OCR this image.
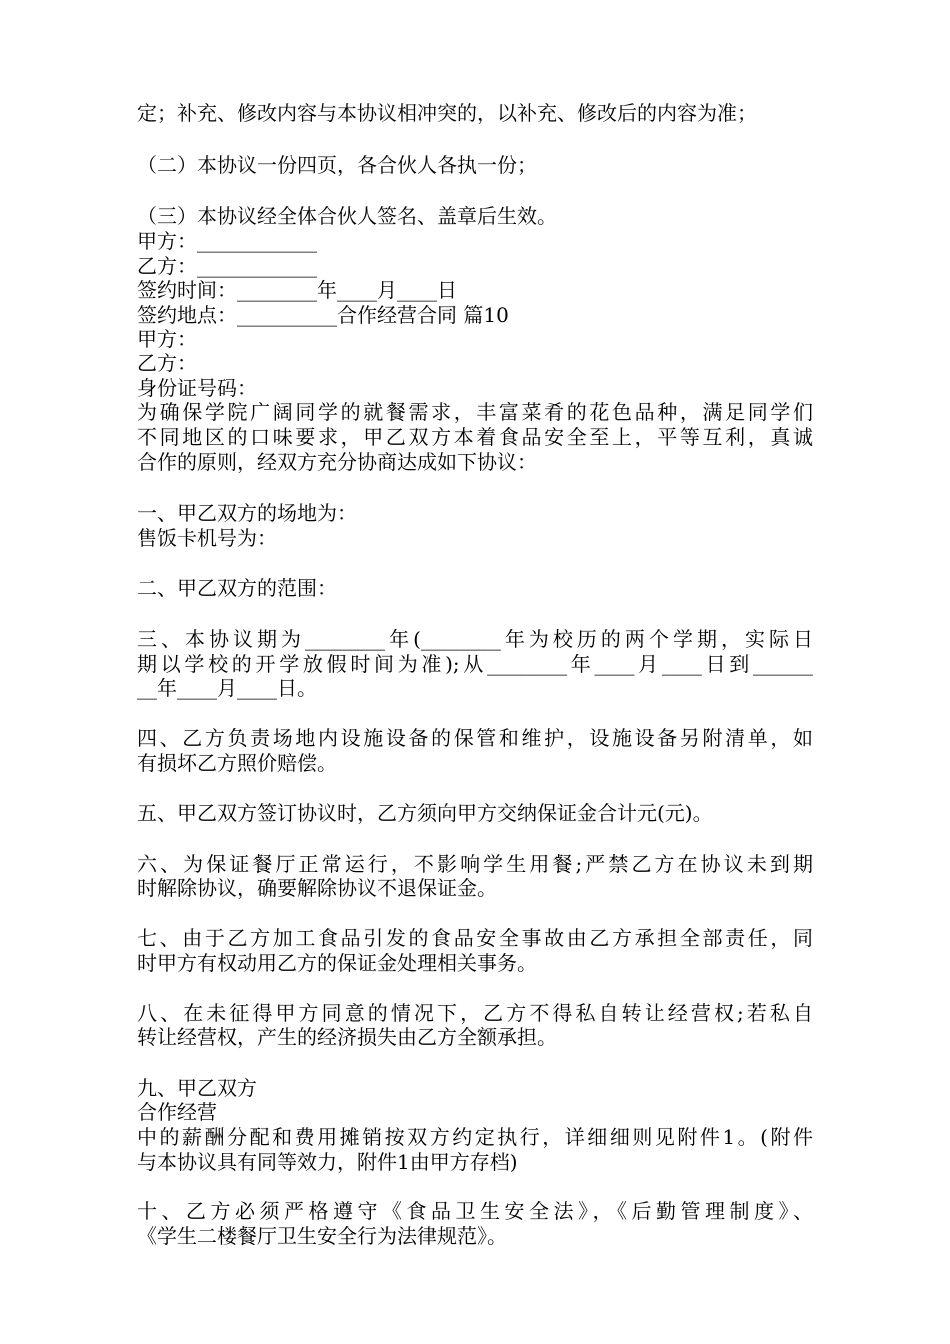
定；补充、修改内容与本协议相冲突的，以补充、修改后的内容为准；
（二）本协议一份四页，各合伙人各执一份；
（三）本协议经全体合伙人签名、盖章后生效。
甲方：____________
乙方：____________
签约时间：________年____月____日
签约地点：__________合作经营合同 篇10
甲方：
乙方：
身份证号码：
为确保学院广阔同学的就餐需求，丰富菜肴的花色品种，满足同学们
不同地区的口味要求，甲乙双方本着食品安全至上，平等互利，真诚
合作的原则，经双方充分协商达成如下协议：
一、甲乙双方的场地为：
售饭卡机号为：
二、甲乙双方的范围：
三、本协议期为________年(________年为校历的两个学期，实际日
期以学校的开学放假时间为准);从________年____月____日到______
__年____月____日。
四、乙方负责场地内设施设备的保管和维护，设施设备另附清单，如
有损坏乙方照价赔偿。
五、甲乙双方签订协议时，乙方须向甲方交纳保证金合计元(元)。
六、为保证餐厅正常运行，不影响学生用餐;严禁乙方在协议未到期
时解除协议，确要解除协议不退保证金。
七、由于乙方加工食品引发的食品安全事故由乙方承担全部责任，同
时甲方有权动用乙方的保证金处理相关事务。
八、在未征得甲方同意的情况下，乙方不得私自转让经营权;若私自
转让经营权，产生的经济损失由乙方全额承担。
九、甲乙双方
合作经营
中的薪酬分配和费用摊销按双方约定执行，详细细则见附件1。(附件
与本协议具有同等效力，附件1由甲方存档)
十、乙方必须严格遵守《食品卫生安全法》，《后勤管理制度》、
《学生二楼餐厅卫生安全行为法律规范》。
